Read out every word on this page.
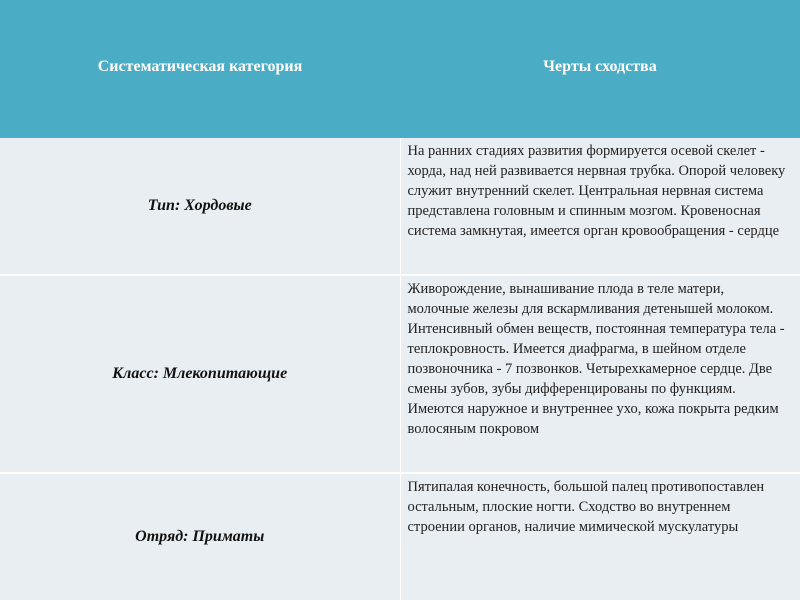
Систематическая категория	Черты сходства
Тип: Хордовые	На ранних стадиях развития формируется осевой скелет - хорда, над ней развивается нервная трубка. Опорой человеку служит внутренний скелет. Центральная нервная система представлена головным и спинным мозгом. Кровеносная система замкнутая, имеется орган кровообращения - сердце
Класс: Млекопитающие	Живорождение, вынашивание плода в теле матери, молочные железы для вскармливания детенышей молоком. Интенсивный обмен веществ, постоянная температура тела - теплокровность. Имеется диафрагма, в шейном отделе позвоночника - 7 позвонков. Четырехкамерное сердце. Две смены зубов, зубы дифференцированы по функциям. Имеются наружное и внутреннее ухо, кожа покрыта редким волосяным покровом
Отряд: Приматы	Пятипалая конечность, большой палец противопоставлен остальным, плоские ногти. Сходство во внутреннем строении органов, наличие мимической мускулатуры
